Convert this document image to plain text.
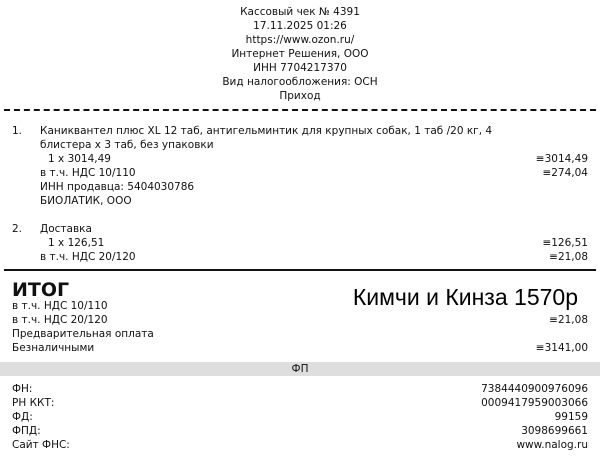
Кассовый чек № 4391
17.11.2025 01:26
https://www.ozon.ru/
Интернет Решения, ООО
ИНН 7704217370
Вид налогообложения: ОСН
Приход
1. Каниквантел плюс XL 12 таб, антигельминтик для крупных собак, 1 таб /20 кг, 4
блистера х 3 таб, без упаковки
1 х 3014,49	≡3014,49
в т.ч. НДС 10/110	≡274,04
ИНН продавца: 5404030786
БИОЛАТИК, ООО
2. Доставка
1 х 126,51	≡126,51
в т.ч. НДС 20/120	≡21,08
ИТОГ
в т.ч. НДС 10/110
в т.ч. НДС 20/120	≡21,08
Предварительная оплата
Безналичными	≡3141,00
Кимчи и Кинза 1570р
ФП
ФН:	7384440900976096
РН ККТ:	0009417959003066
ФД:	99159
ФПД:	3098699661
Сайт ФНС:	www.nalog.ru
